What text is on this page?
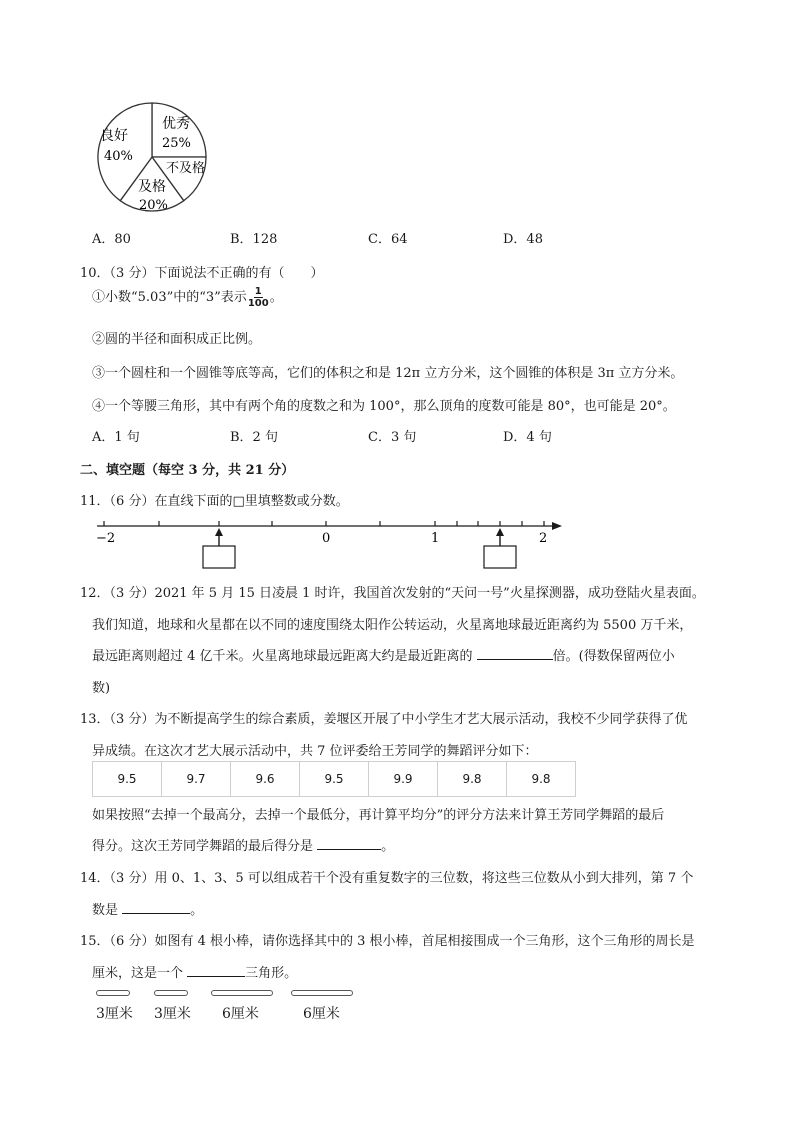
良好
40%
优秀
25%
不及格
及格
20%
A．80	B．128	C．64	D．48
10．（3 分）下面说法不正确的有（　　）
①小数“5.03”中的“3”表示 $\frac{1}{100}$ 。
②圆的半径和面积成正比例。
③一个圆柱和一个圆锥等底等高，它们的体积之和是 12π 立方分米，这个圆锥的体积是 3π 立方分米。
④一个等腰三角形，其中有两个角的度数之和为 100°，那么顶角的度数可能是 80°，也可能是 20°。
A．1 句	B．2 句	C．3 句	D．4 句
二、填空题（每空 3 分，共 21 分）
11．（6 分）在直线下面的□里填整数或分数。
−2	0	1	2
12．（3 分）2021 年 5 月 15 日凌晨 1 时许，我国首次发射的“天问一号”火星探测器，成功登陆火星表面。
我们知道，地球和火星都在以不同的速度围绕太阳作公转运动，火星离地球最近距离约为 5500 万千米，
最远距离则超过 4 亿千米。火星离地球最远距离大约是最近距离的	倍。(得数保留两位小
数)
13．（3 分）为不断提高学生的综合素质，姜堰区开展了中小学生才艺大展示活动，我校不少同学获得了优
异成绩。在这次才艺大展示活动中，共 7 位评委给王芳同学的舞蹈评分如下：
9.5	9.7	9.6	9.5	9.9	9.8	9.8
如果按照“去掉一个最高分，去掉一个最低分，再计算平均分”的评分方法来计算王芳同学舞蹈的最后
得分。这次王芳同学舞蹈的最后得分是	。
14．（3 分）用 0、1、3、5 可以组成若干个没有重复数字的三位数，将这些三位数从小到大排列，第 7 个
数是	。
15．（6 分）如图有 4 根小棒，请你选择其中的 3 根小棒，首尾相接围成一个三角形，这个三角形的周长是
厘米，这是一个	三角形。
3厘米 3厘米 6厘米	6厘米
